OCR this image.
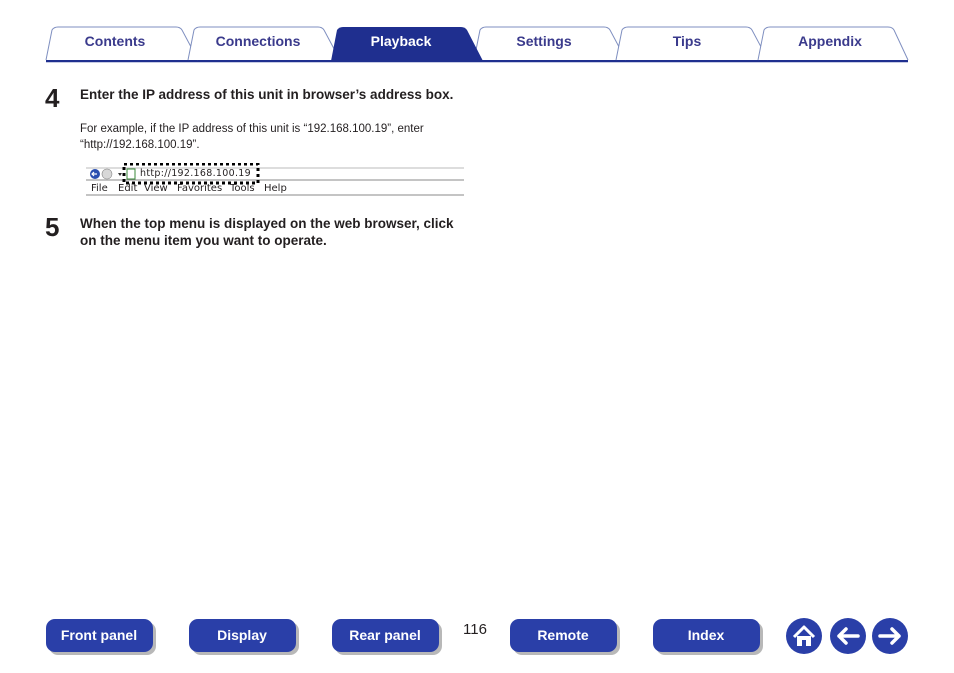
Contents	Connections	Playback	Settings	Tips	Appendix
4 Enter the IP address of this unit in browser’s address box.
For example, if the IP address of this unit is “192.168.100.19”, enter “http://192.168.100.19”.
http://192.168.100.19
File Edit View Favorites Tools Help
5 When the top menu is displayed on the web browser, click on the menu item you want to operate.
Front panel	Display	Rear panel	116	Remote	Index
